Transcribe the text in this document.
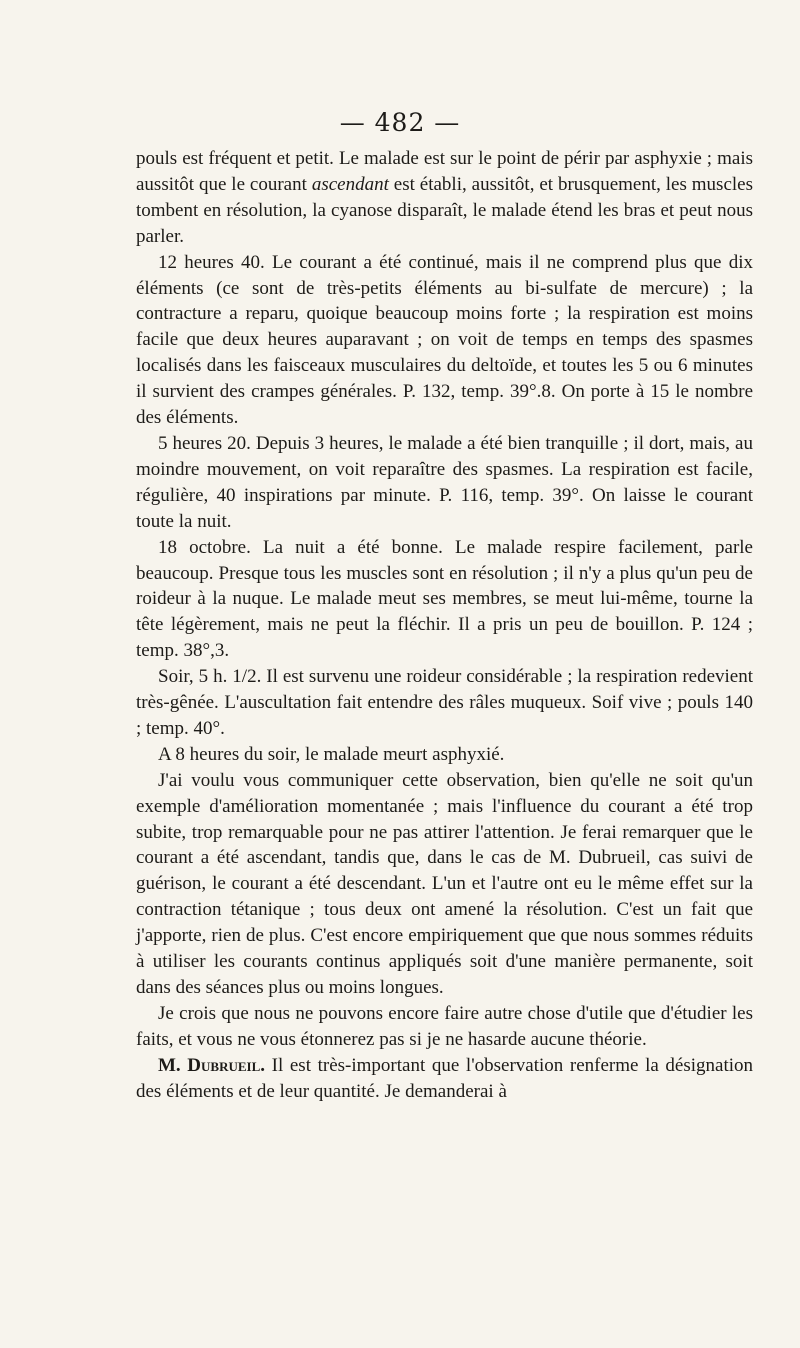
— 482 —

pouls est fréquent et petit. Le malade est sur le point de périr par asphyxie ; mais aussitôt que le courant ascendant est établi, aussitôt, et brusquement, les muscles tombent en résolution, la cyanose disparaît, le malade étend les bras et peut nous parler.

12 heures 40. Le courant a été continué, mais il ne comprend plus que dix éléments (ce sont de très-petits éléments au bi-sulfate de mercure) ; la contracture a reparu, quoique beaucoup moins forte ; la respiration est moins facile que deux heures auparavant ; on voit de temps en temps des spasmes localisés dans les faisceaux musculaires du deltoïde, et toutes les 5 ou 6 minutes il survient des crampes générales. P. 132, temp. 39°.8. On porte à 15 le nombre des éléments.

5 heures 20. Depuis 3 heures, le malade a été bien tranquille ; il dort, mais, au moindre mouvement, on voit reparaître des spasmes. La respiration est facile, régulière, 40 inspirations par minute. P. 116, temp. 39°. On laisse le courant toute la nuit.

18 octobre. La nuit a été bonne. Le malade respire facilement, parle beaucoup. Presque tous les muscles sont en résolution ; il n'y a plus qu'un peu de roideur à la nuque. Le malade meut ses membres, se meut lui-même, tourne la tête légèrement, mais ne peut la fléchir. Il a pris un peu de bouillon. P. 124 ; temp. 38°,3.

Soir, 5 h. 1/2. Il est survenu une roideur considérable ; la respiration redevient très-gênée. L'auscultation fait entendre des râles muqueux. Soif vive ; pouls 140 ; temp. 40°.

A 8 heures du soir, le malade meurt asphyxié.

J'ai voulu vous communiquer cette observation, bien qu'elle ne soit qu'un exemple d'amélioration momentanée ; mais l'influence du courant a été trop subite, trop remarquable pour ne pas attirer l'attention. Je ferai remarquer que le courant a été ascendant, tandis que, dans le cas de M. Dubrueil, cas suivi de guérison, le courant a été descendant. L'un et l'autre ont eu le même effet sur la contraction tétanique ; tous deux ont amené la résolution. C'est un fait que j'apporte, rien de plus. C'est encore empiriquement que que nous sommes réduits à utiliser les courants continus appliqués soit d'une manière permanente, soit dans des séances plus ou moins longues.

Je crois que nous ne pouvons encore faire autre chose d'utile que d'étudier les faits, et vous ne vous étonnerez pas si je ne hasarde aucune théorie.

M. Dubrueil. Il est très-important que l'observation renferme la désignation des éléments et de leur quantité. Je demanderai à
